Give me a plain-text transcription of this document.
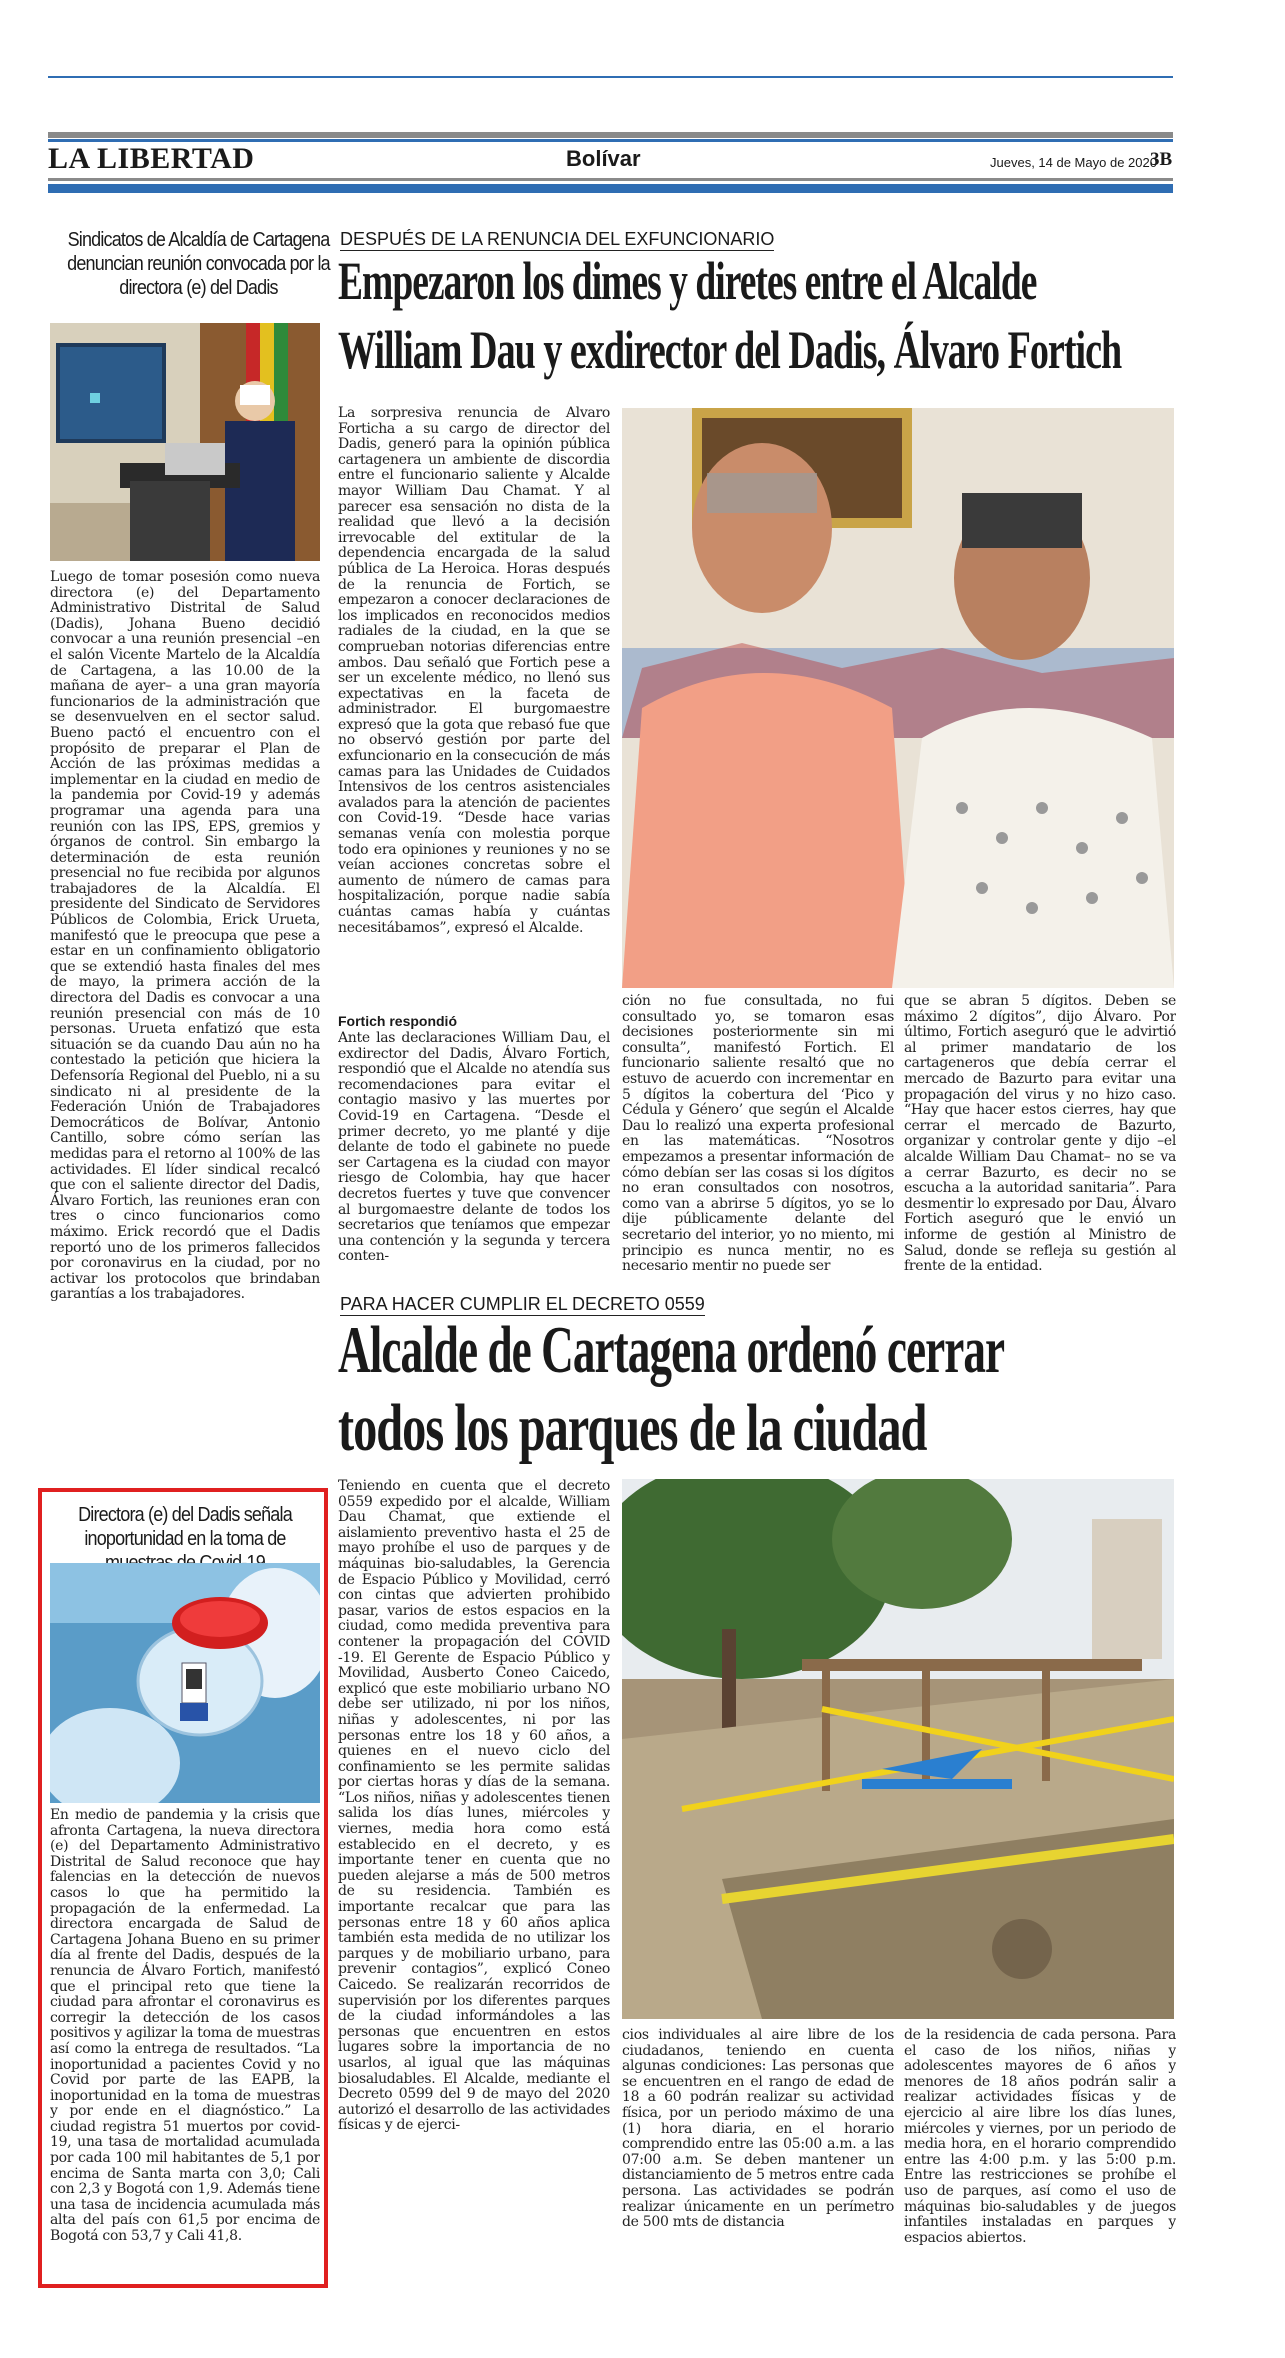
LA LIBERTAD	Bolívar	Jueves, 14 de Mayo de 2020
3B
Sindicatos de Alcaldía de Cartagena denuncian reunión convocada por la directora (e) del Dadis
Luego de tomar posesión como nueva directora (e) del Departamento Administrativo Distrital de Salud (Dadis), Johana Bueno decidió convocar a una reunión presencial –en el salón Vicente Martelo de la Alcaldía de Cartagena, a las 10.00 de la mañana de ayer– a una gran mayoría funcionarios de la administración que se desenvuelven en el sector salud. Bueno pactó el encuentro con el propósito de preparar el Plan de Acción de las próximas medidas a implementar en la ciudad en medio de la pandemia por Covid-19 y además programar una agenda para una reunión con las IPS, EPS, gremios y órganos de control. Sin embargo la determinación de esta reunión presencial no fue recibida por algunos trabajadores de la Alcaldía. El presidente del Sindicato de Servidores Públicos de Colombia, Erick Urueta, manifestó que le preocupa que pese a estar en un confinamiento obligatorio que se extendió hasta finales del mes de mayo, la primera acción de la directora del Dadis es convocar a una reunión presencial con más de 10 personas. Urueta enfatizó que esta situación se da cuando Dau aún no ha contestado la petición que hiciera la Defensoría Regional del Pueblo, ni a su sindicato ni al presidente de la Federación Unión de Trabajadores Democráticos de Bolívar, Antonio Cantillo, sobre cómo serían las medidas para el retorno al 100% de las actividades. El líder sindical recalcó que con el saliente director del Dadis, Álvaro Fortich, las reuniones eran con tres o cinco funcionarios como máximo. Erick recordó que el Dadis reportó uno de los primeros fallecidos por coronavirus en la ciudad, por no activar los protocolos que brindaban garantías a los trabajadores.
Directora (e) del Dadis señala inoportunidad en la toma de
En medio de pandemia y la crisis que afronta Cartagena, la nueva directora (e) del Departamento Administrativo Distrital de Salud reconoce que hay falencias en la detección de nuevos casos lo que ha permitido la propagación de la enfermedad. La directora encargada de Salud de Cartagena Johana Bueno en su primer día al frente del Dadis, después de la renuncia de Álvaro Fortich, manifestó que el principal reto que tiene la ciudad para afrontar el coronavirus es corregir la detección de los casos positivos y agilizar la toma de muestras así como la entrega de resultados. “La inoportunidad a pacientes Covid y no Covid por parte de las EAPB, la inoportunidad en la toma de muestras y por ende en el diagnóstico.” La ciudad registra 51 muertos por covid-19, una tasa de mortalidad acumulada por cada 100 mil habitantes de 5,1 por encima de Santa marta con 3,0; Cali con 2,3 y Bogotá con 1,9. Además tiene una tasa de incidencia acumulada más alta del país con 61,5 por encima de Bogotá con 53,7 y Cali 41,8.
DESPUÉS DE LA RENUNCIA DEL EXFUNCIONARIO
Empezaron los dimes y diretes entre el Alcalde
William Dau y exdirector del Dadis, Álvaro Fortich
La sorpresiva renuncia de Álvaro Forticha a su cargo de director del Dadis, generó para la opinión pública cartagenera un ambiente de discordia entre el funcionario saliente y Alcalde mayor William Dau Chamat. Y al parecer esa sensación no dista de la realidad que llevó a la decisión irrevocable del extitular de la dependencia encargada de la salud pública de La Heroica. Horas después de la renuncia de Fortich, se empezaron a conocer declaraciones de los implicados en reconocidos medios radiales de la ciudad, en la que se comprueban notorias diferencias entre ambos. Dau señaló que Fortich pese a ser un excelente médico, no llenó sus expectativas en la faceta de administrador. El burgomaestre expresó que la gota que rebasó fue que no observó gestión por parte del exfuncionario en la consecución de más camas para las Unidades de Cuidados Intensivos de los centros asistenciales avalados para la atención de pacientes con Covid-19. “Desde hace varias semanas venía con molestia porque todo era opiniones y reuniones y no se veían acciones concretas sobre el aumento de número de camas para hospitalización, porque nadie sabía cuántas camas había y cuántas necesitábamos”, expresó el Alcalde.
Fortich respondió
Ante las declaraciones William Dau, el exdirector del Dadis, Álvaro Fortich, respondió que el Alcalde no atendía sus recomendaciones para evitar el contagio masivo y las muertes por Covid-19 en Cartagena. “Desde el primer decreto, yo me planté y dije delante de todo el gabinete no puede ser Cartagena es la ciudad con mayor riesgo de Colombia, hay que hacer decretos fuertes y tuve que convencer al burgomaestre delante de todos los secretarios que teníamos que empezar una contención y la segunda y tercera conten-
ción no fue consultada, no fui consultado yo, se tomaron esas decisiones posteriormente sin mi consulta”, manifestó Fortich. El funcionario saliente resaltó que no estuvo de acuerdo con incrementar en 5 dígitos la cobertura del ‘Pico y Cédula y Género’ que según el Alcalde Dau lo realizó una experta profesional en las matemáticas. “Nosotros empezamos a presentar información de cómo debían ser las cosas si los dígitos no eran consultados con nosotros, como van a abrirse 5 dígitos, yo se lo dije públicamente delante del secretario del interior, yo no miento, mi principio es nunca mentir, no es necesario mentir no puede ser
que se abran 5 dígitos. Deben se máximo 2 dígitos”, dijo Álvaro. Por último, Fortich aseguró que le advirtió al primer mandatario de los cartageneros que debía cerrar el mercado de Bazurto para evitar una propagación del virus y no hizo caso. “Hay que hacer estos cierres, hay que cerrar el mercado de Bazurto, organizar y controlar gente y dijo –el alcalde William Dau Chamat– no se va a cerrar Bazurto, es decir no se escucha a la autoridad sanitaria”. Para desmentir lo expresado por Dau, Álvaro Fortich aseguró que le envió un informe de gestión al Ministro de Salud, donde se refleja su gestión al frente de la entidad.
PARA HACER CUMPLIR EL DECRETO 0559
Alcalde de Cartagena ordenó cerrar
todos los parques de la ciudad
Teniendo en cuenta que el decreto 0559 expedido por el alcalde, William Dau Chamat, que extiende el aislamiento preventivo hasta el 25 de mayo prohíbe el uso de parques y de máquinas bio-saludables, la Gerencia de Espacio Público y Movilidad, cerró con cintas que advierten prohibido pasar, varios de estos espacios en la ciudad, como medida preventiva para contener la propagación del COVID -19. El Gerente de Espacio Público y Movilidad, Ausberto Coneo Caicedo, explicó que este mobiliario urbano NO debe ser utilizado, ni por los niños, niñas y adolescentes, ni por las personas entre los 18 y 60 años, a quienes en el nuevo ciclo del confinamiento se les permite salidas por ciertas horas y días de la semana. “Los niños, niñas y adolescentes tienen salida los días lunes, miércoles y viernes, media hora como está establecido en el decreto, y es importante tener en cuenta que no pueden alejarse a más de 500 metros de su residencia. También es importante recalcar que para las personas entre 18 y 60 años aplica también esta medida de no utilizar los parques y de mobiliario urbano, para prevenir contagios”, explicó Coneo Caicedo. Se realizarán recorridos de supervisión por los diferentes parques de la ciudad informándoles a las personas que encuentren en estos lugares sobre la importancia de no usarlos, al igual que las máquinas biosaludables. El Alcalde, mediante el Decreto 0599 del 9 de mayo del 2020 autorizó el desarrollo de las actividades físicas y de ejerci-
cios individuales al aire libre de los ciudadanos, teniendo en cuenta algunas condiciones: Las personas que se encuentren en el rango de edad de 18 a 60 podrán realizar su actividad física, por un periodo máximo de una (1) hora diaria, en el horario comprendido entre las 05:00 a.m. a las 07:00 a.m. Se deben mantener un distanciamiento de 5 metros entre cada persona. Las actividades se podrán realizar únicamente en un perímetro de 500 mts de distancia
de la residencia de cada persona. Para el caso de los niños, niñas y adolescentes mayores de 6 años y menores de 18 años podrán salir a realizar actividades físicas y de ejercicio al aire libre los días lunes, miércoles y viernes, por un periodo de media hora, en el horario comprendido entre las 4:00 p.m. y las 5:00 p.m. Entre las restricciones se prohíbe el uso de parques, así como el uso de máquinas bio-saludables y de juegos infantiles instaladas en parques y espacios abiertos.
